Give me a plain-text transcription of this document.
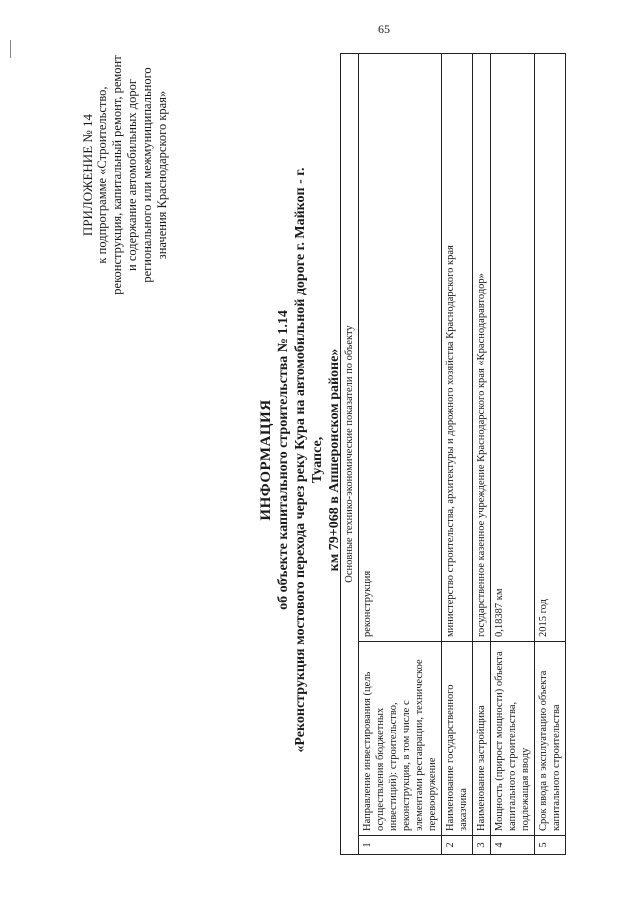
65
ПРИЛОЖЕНИЕ № 14 к подпрограмме «Строительство, реконструкция, капитальный ремонт, ремонт и содержание автомобильных дорог регионального или межмуниципального значения Краснодарского края»
ИНФОРМАЦИЯ об объекте капитального строительства № 1.14 «Реконструкция мостового перехода через реку Кура на автомобильной дороге г. Майкоп - г. Туапсе, км 79+068 в Апшеронском районе» Основные технико-экономические показатели по объекту		
1	Направление инвестирования (цель осуществления бюджетных инвестиций): строительство, реконструкция, в том числе с элементами реставрации, техническое перевооружение	реконструкция
2	Наименование государственного заказчика	министерство строительства, архитектуры и дорожного хозяйства Краснодарского края
3	Наименование застройщика	государственное казенное учреждение Краснодарского края «Краснодаравтодор»
4	Мощность (прирост мощности) объекта капитального строительства, подлежащая вводу	0,18387 км
5	Срок ввода в эксплуатацию объекта капитального строительства	2015 год
